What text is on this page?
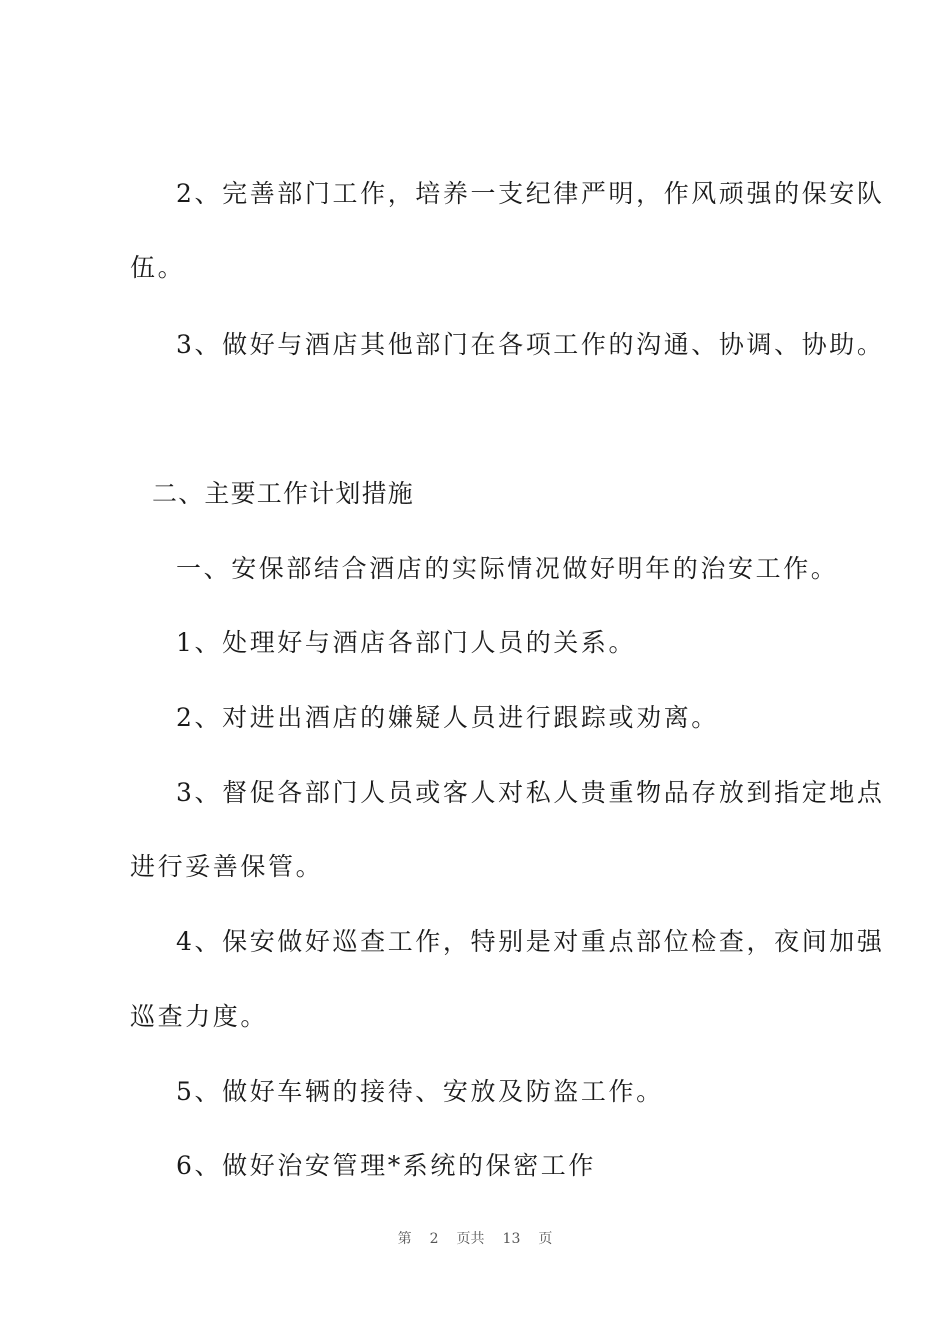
2、完善部门工作，培养一支纪律严明，作风顽强的保安队

伍。

3、做好与酒店其他部门在各项工作的沟通、协调、协助。

二、主要工作计划措施

一、安保部结合酒店的实际情况做好明年的治安工作。

1、处理好与酒店各部门人员的关系。

2、对进出酒店的嫌疑人员进行跟踪或劝离。

3、督促各部门人员或客人对私人贵重物品存放到指定地点

进行妥善保管。

4、保安做好巡查工作，特别是对重点部位检查，夜间加强

巡查力度。

5、做好车辆的接待、安放及防盗工作。

6、做好治安管理*系统的保密工作

第 2 页共 13 页
